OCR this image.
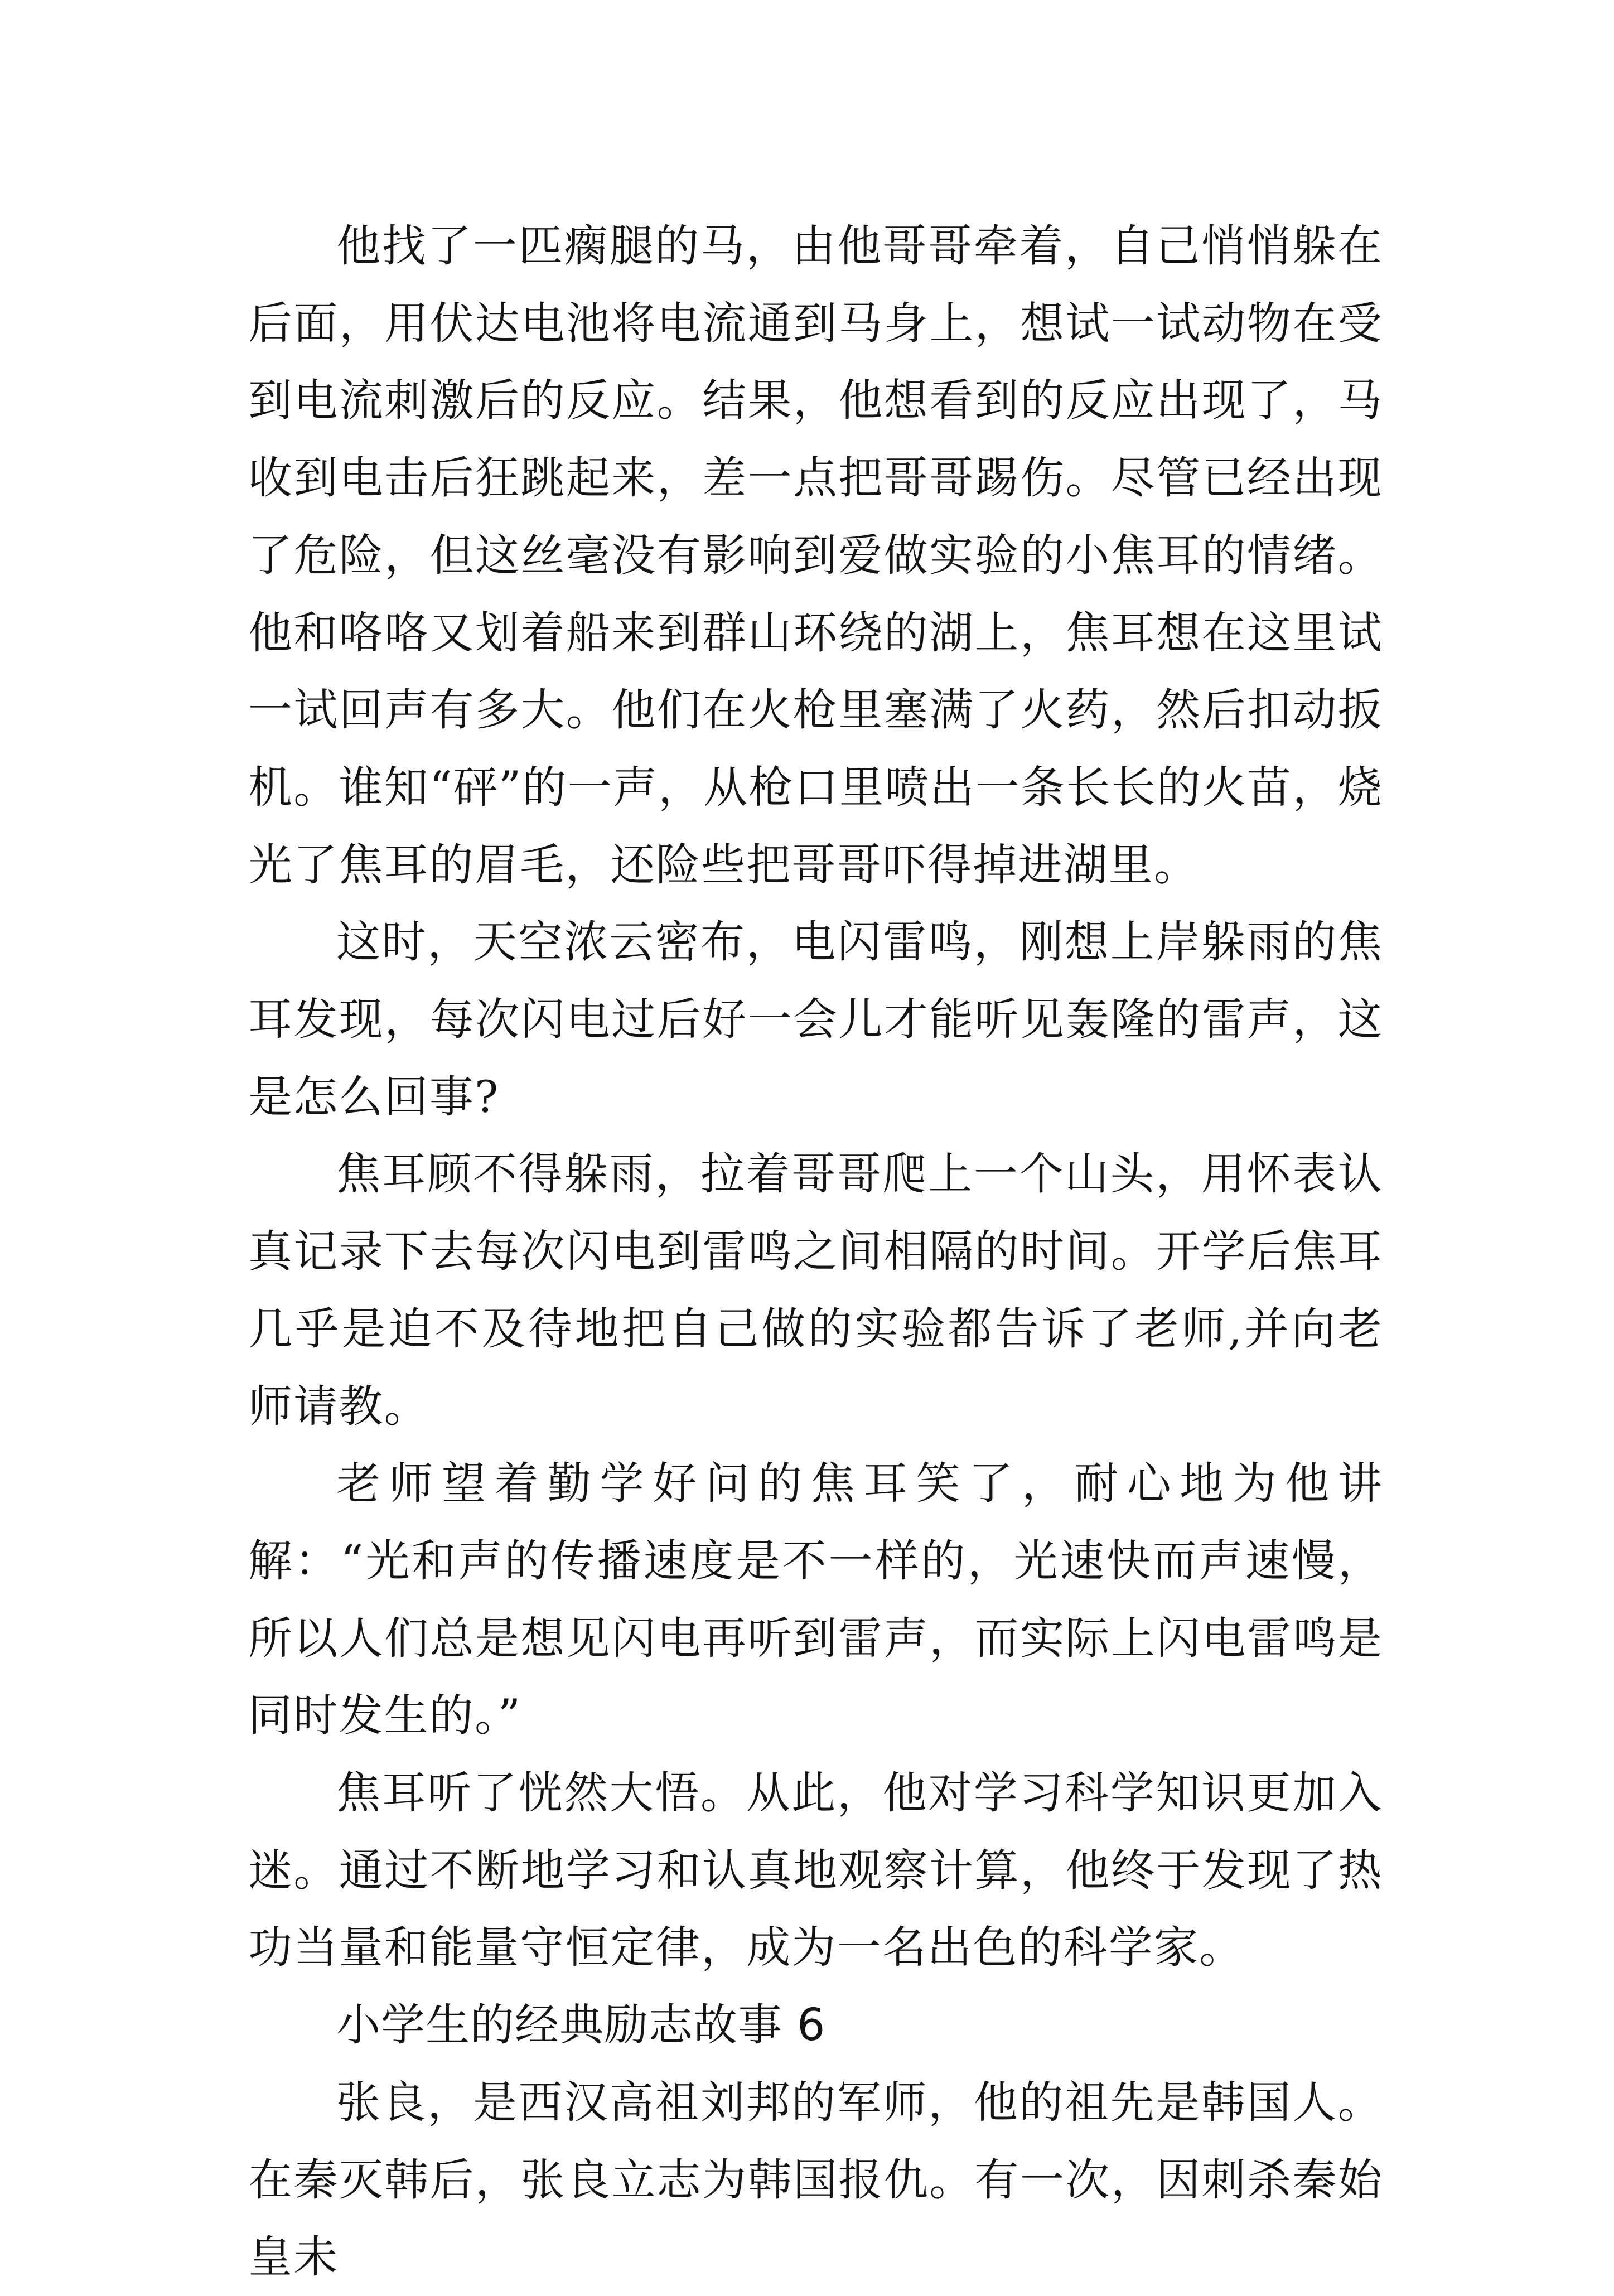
他找了一匹瘸腿的马，由他哥哥牵着，自己悄悄躲在后面，用伏达电池将电流通到马身上，想试一试动物在受到电流刺激后的反应。结果，他想看到的反应出现了，马收到电击后狂跳起来，差一点把哥哥踢伤。尽管已经出现了危险，但这丝毫没有影响到爱做实验的小焦耳的情绪。他和咯咯又划着船来到群山环绕的湖上，焦耳想在这里试一试回声有多大。他们在火枪里塞满了火药，然后扣动扳机。谁知“砰”的一声，从枪口里喷出一条长长的火苗，烧光了焦耳的眉毛，还险些把哥哥吓得掉进湖里。

这时，天空浓云密布，电闪雷鸣，刚想上岸躲雨的焦耳发现，每次闪电过后好一会儿才能听见轰隆的雷声，这是怎么回事?

焦耳顾不得躲雨，拉着哥哥爬上一个山头，用怀表认真记录下去每次闪电到雷鸣之间相隔的时间。开学后焦耳几乎是迫不及待地把自己做的实验都告诉了老师,并向老师请教。

老师望着勤学好问的焦耳笑了，耐心地为他讲解：“光和声的传播速度是不一样的，光速快而声速慢，所以人们总是想见闪电再听到雷声，而实际上闪电雷鸣是同时发生的。”

焦耳听了恍然大悟。从此，他对学习科学知识更加入迷。通过不断地学习和认真地观察计算，他终于发现了热功当量和能量守恒定律，成为一名出色的科学家。

小学生的经典励志故事 6

张良，是西汉高祖刘邦的军师，他的祖先是韩国人。在秦灭韩后，张良立志为韩国报仇。有一次，因刺杀秦始皇未
